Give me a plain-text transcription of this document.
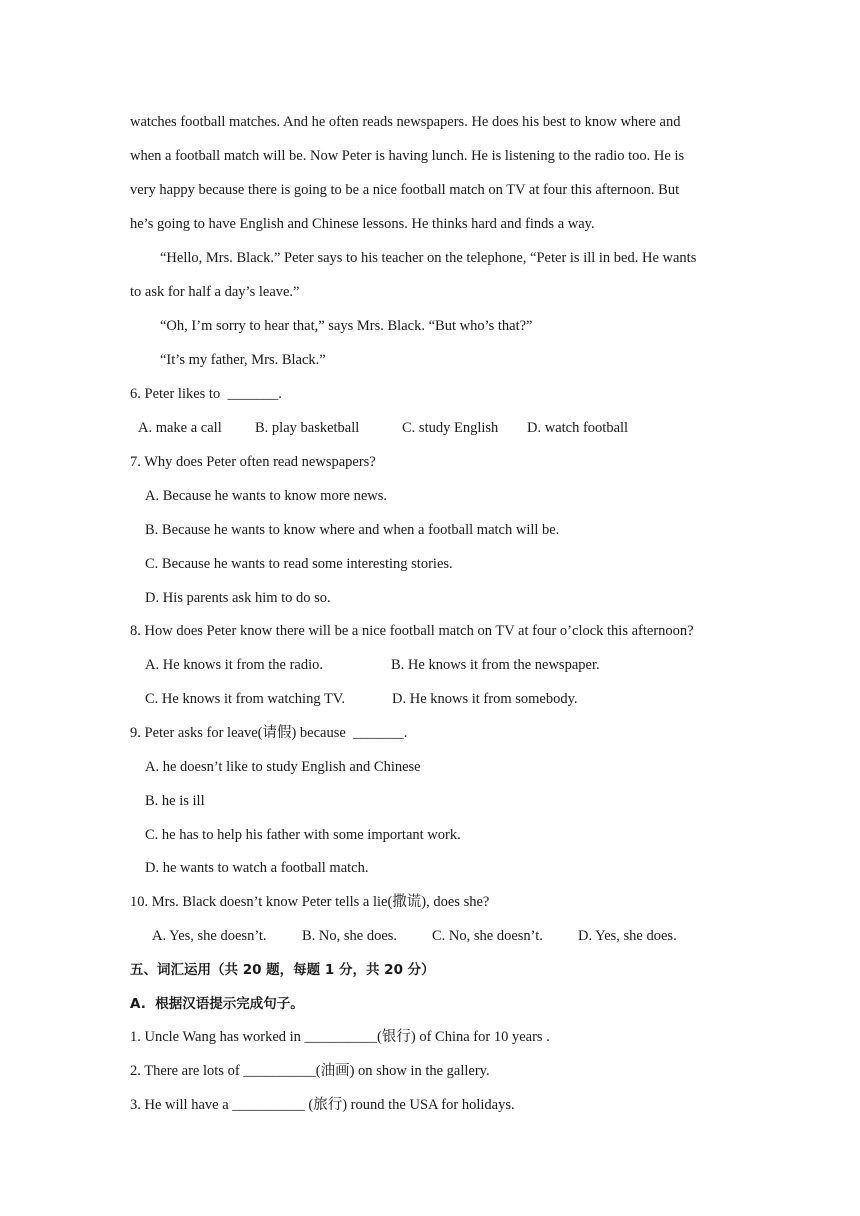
watches football matches. And he often reads newspapers. He does his best to know where and
when a football match will be. Now Peter is having lunch. He is listening to the radio too. He is
very happy because there is going to be a nice football match on TV at four this afternoon. But
he’s going to have English and Chinese lessons. He thinks hard and finds a way.
“Hello, Mrs. Black.” Peter says to his teacher on the telephone, “Peter is ill in bed. He wants
to ask for half a day’s leave.”
“Oh, I’m sorry to hear that,” says Mrs. Black. “But who’s that?”
“It’s my father, Mrs. Black.”
6. Peter likes to  _______.
A. make a call B. play basketball	C. study English D. watch football
7. Why does Peter often read newspapers?
A. Because he wants to know more news.
B. Because he wants to know where and when a football match will be.
C. Because he wants to read some interesting stories.
D. His parents ask him to do so.
8. How does Peter know there will be a nice football match on TV at four o’clock this afternoon?
A. He knows it from the radio.	B. He knows it from the newspaper.
C. He knows it from watching TV.	D. He knows it from somebody.
9. Peter asks for leave(请假) because  _______.
A. he doesn’t like to study English and Chinese
B. he is ill
C. he has to help his father with some important work.
D. he wants to watch a football match.
10. Mrs. Black doesn’t know Peter tells a lie(撒谎), does she?
A. Yes, she doesn’t. B. No, she does. C. No, she doesn’t. D. Yes, she does.
五、词汇运用（共 20 题，每题 1 分，共 20 分）
A.  根据汉语提示完成句子。
1. Uncle Wang has worked in __________(银行) of China for 10 years .
2. There are lots of __________(油画) on show in the gallery.
3. He will have a __________ (旅行) round the USA for holidays.
